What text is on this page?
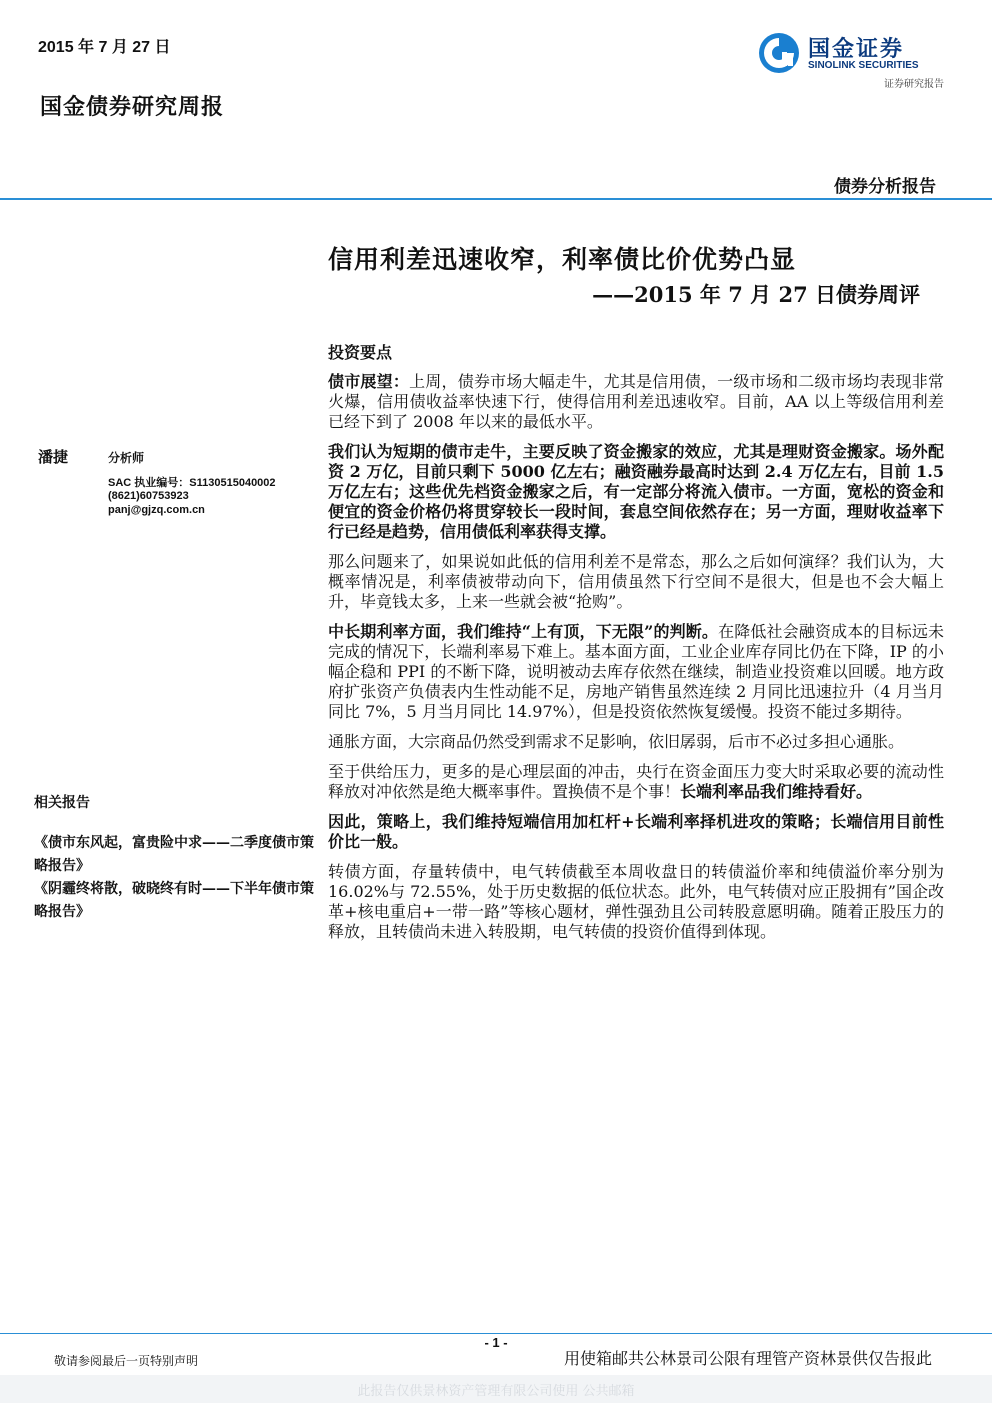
2015 年 7 月 27 日
国金债券研究周报
国金证券
SINOLINK SECURITIES
证券研究报告
债券分析报告
信用利差迅速收窄，利率债比价优势凸显
——2015 年 7 月 27 日债券周评
投资要点

债市展望：上周，债券市场大幅走牛，尤其是信用债，一级市场和二级市场均表现非常火爆，信用债收益率快速下行，使得信用利差迅速收窄。目前，AA 以上等级信用利差已经下到了 2008 年以来的最低水平。

我们认为短期的债市走牛，主要反映了资金搬家的效应，尤其是理财资金搬家。场外配资 2 万亿，目前只剩下 5000 亿左右；融资融券最高时达到 2.4 万亿左右，目前 1.5 万亿左右；这些优先档资金搬家之后，有一定部分将流入债市。一方面，宽松的资金和便宜的资金价格仍将贯穿较长一段时间，套息空间依然存在；另一方面，理财收益率下行已经是趋势，信用债低利率获得支撑。

那么问题来了，如果说如此低的信用利差不是常态，那么之后如何演绎？我们认为，大概率情况是，利率债被带动向下，信用债虽然下行空间不是很大，但是也不会大幅上升，毕竟钱太多，上来一些就会被“抢购”。

中长期利率方面，我们维持“上有顶，下无限”的判断。在降低社会融资成本的目标远未完成的情况下，长端利率易下难上。基本面方面，工业企业库存同比仍在下降，IP 的小幅企稳和 PPI 的不断下降，说明被动去库存依然在继续，制造业投资难以回暖。地方政府扩张资产负债表内生性动能不足，房地产销售虽然连续 2 月同比迅速拉升（4 月当月同比 7%，5 月当月同比 14.97%），但是投资依然恢复缓慢。投资不能过多期待。

通胀方面，大宗商品仍然受到需求不足影响，依旧孱弱，后市不必过多担心通胀。

至于供给压力，更多的是心理层面的冲击，央行在资金面压力变大时采取必要的流动性释放对冲依然是绝大概率事件。置换债不是个事！长端利率品我们维持看好。

因此，策略上，我们维持短端信用加杠杆+长端利率择机进攻的策略；长端信用目前性价比一般。

转债方面，存量转债中，电气转债截至本周收盘日的转债溢价率和纯债溢价率分别为 16.02%与 72.55%，处于历史数据的低位状态。此外，电气转债对应正股拥有”国企改革+核电重启+一带一路”等核心题材，弹性强劲且公司转股意愿明确。随着正股压力的释放，且转债尚未进入转股期，电气转债的投资价值得到体现。

潘捷	分析师
SAC 执业编号：S1130515040002
(8621)60753923
panj@gjzq.com.cn
相关报告
《债市东风起，富贵险中求——二季度债市策略报告》
《阴霾终将散，破晓终有时——下半年债市策略报告》
- 1 -
敬请参阅最后一页特别声明	用使箱邮共公林景司公限有理管产资林景供仅告报此
此报告仅供景林资产管理有限公司使用 公共邮箱
